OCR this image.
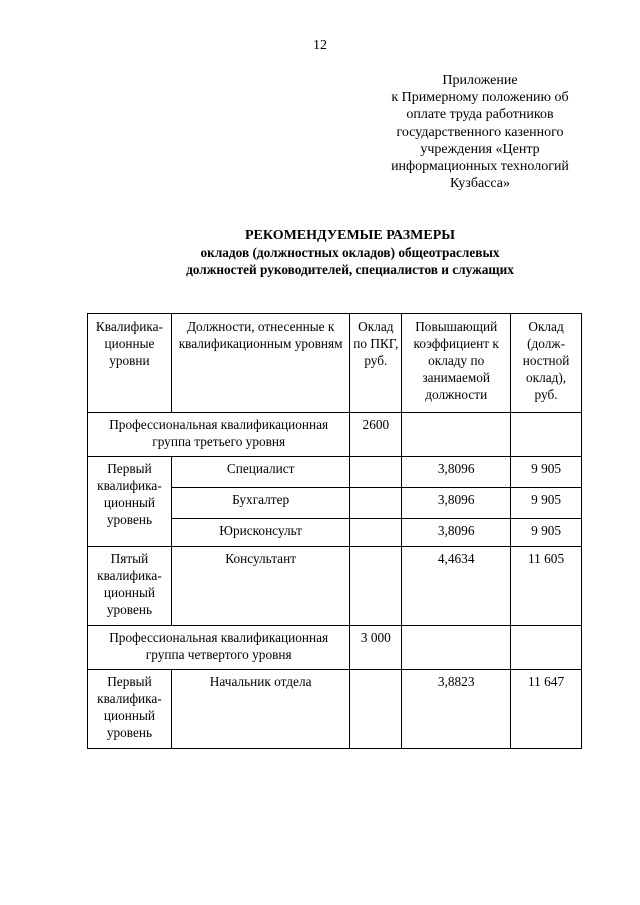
12
Приложение
к Примерному положению об
оплате труда работников
государственного казенного
учреждения «Центр
информационных технологий
Кузбасса»
РЕКОМЕНДУЕМЫЕ РАЗМЕРЫ
окладов (должностных окладов) общеотраслевых
должностей руководителей, специалистов и служащих
Квалифика-ционные уровни	Должности, отнесенные к квалификационным уровням	Оклад по ПКГ, руб.	Повышающий коэффициент к окладу по занимаемой должности	Оклад (долж-ностной оклад), руб.
Профессиональная квалификационная группа третьего уровня		2600		
Первый квалифика-ционный уровень	Специалист		3,8096	9 905
	Бухгалтер		3,8096	9 905
	Юрисконсульт		3,8096	9 905
Пятый квалифика-ционный уровень	Консультант		4,4634	11 605
Профессиональная квалификационная группа четвертого уровня		3 000		
Первый квалифика-ционный уровень	Начальник отдела		3,8823	11 647
